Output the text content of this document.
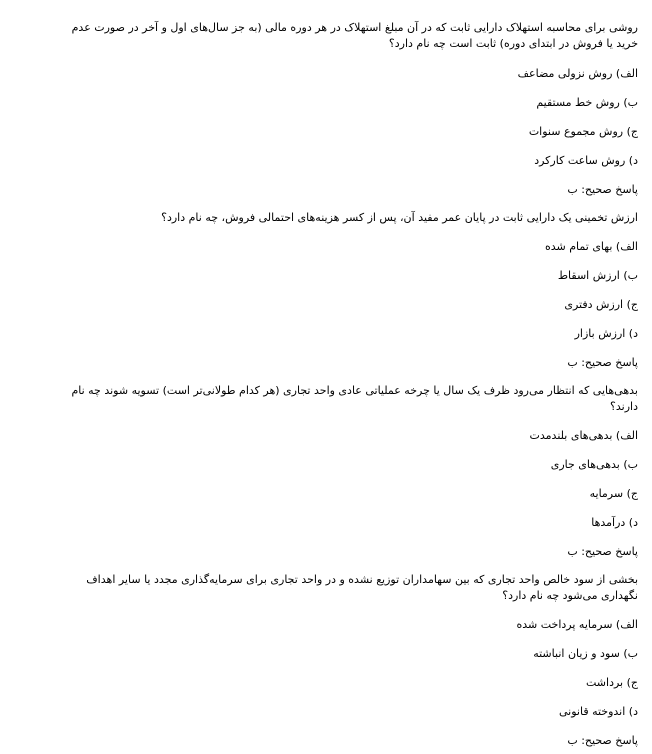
روشی برای محاسبه استهلاک دارایی ثابت که در آن مبلغ استهلاک در هر دوره مالی (به جز سال‌های اول و آخر در صورت عدم خرید یا فروش در ابتدای دوره) ثابت است چه نام دارد؟
الف) روش نزولی مضاعف
ب) روش خط مستقیم
ج) روش مجموع سنوات
د) روش ساعت کارکرد
پاسخ صحیح: ب
ارزش تخمینی یک دارایی ثابت در پایان عمر مفید آن، پس از کسر هزینه‌های احتمالی فروش، چه نام دارد؟
الف) بهای تمام شده
ب) ارزش اسقاط
ج) ارزش دفتری
د) ارزش بازار
پاسخ صحیح: ب
بدهی‌هایی که انتظار می‌رود ظرف یک سال یا چرخه عملیاتی عادی واحد تجاری (هر کدام طولانی‌تر است) تسویه شوند چه نام دارند؟
الف) بدهی‌های بلندمدت
ب) بدهی‌های جاری
ج) سرمایه
د) درآمدها
پاسخ صحیح: ب
بخشی از سود خالص واحد تجاری که بین سهامداران توزیع نشده و در واحد تجاری برای سرمایه‌گذاری مجدد یا سایر اهداف نگهداری می‌شود چه نام دارد؟
الف) سرمایه پرداخت شده
ب) سود و زیان انباشته
ج) برداشت
د) اندوخته قانونی
پاسخ صحیح: ب
